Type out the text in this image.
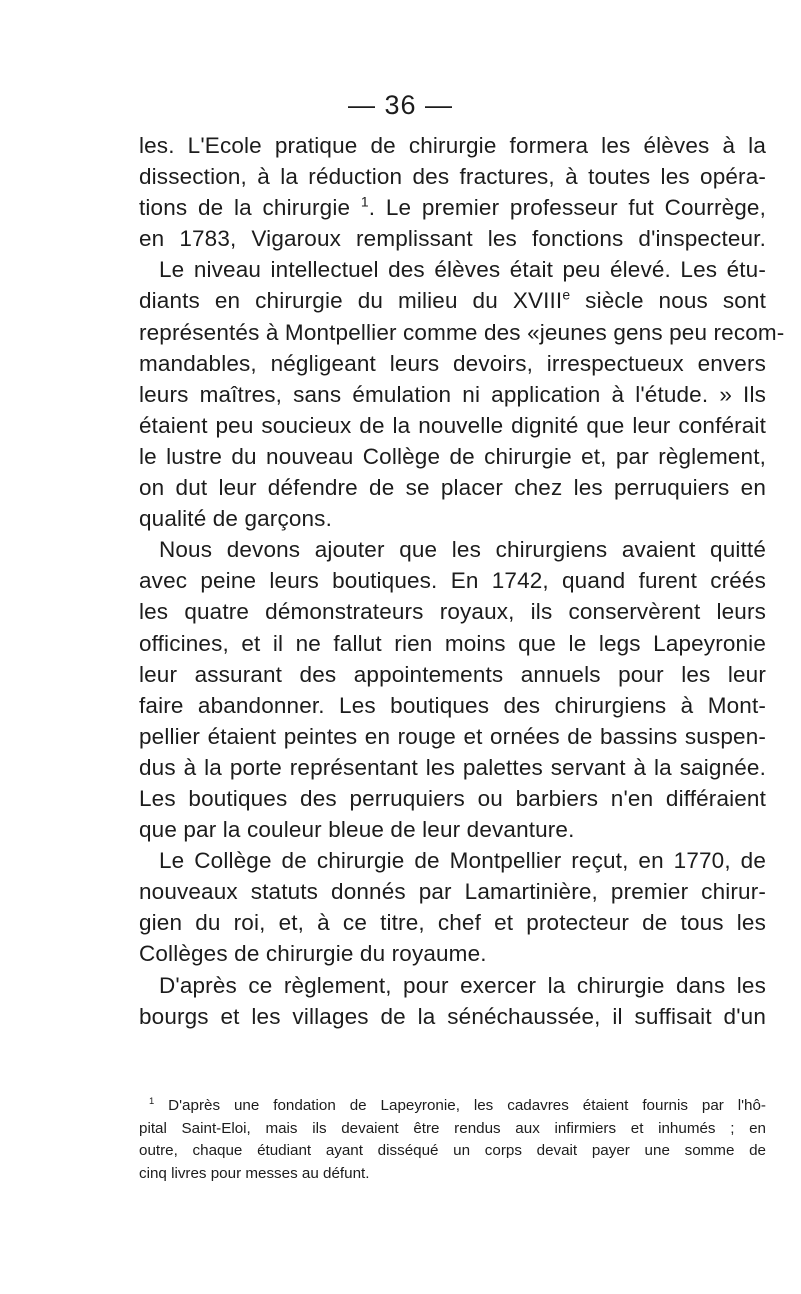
— 36 —
les. L'Ecole pratique de chirurgie formera les élèves à la
dissection, à la réduction des fractures, à toutes les opéra-
tions de la chirurgie $^1$. Le premier professeur fut Courrège,
en 1783, Vigaroux remplissant les fonctions d'inspecteur.
Le niveau intellectuel des élèves était peu élevé. Les étu-
diants en chirurgie du milieu du XVIIIe siècle nous sont
représentés à Montpellier comme des «jeunes gens peu recom-
mandables, négligeant leurs devoirs, irrespectueux envers
leurs maîtres, sans émulation ni application à l'étude. » Ils
étaient peu soucieux de la nouvelle dignité que leur conférait
le lustre du nouveau Collège de chirurgie et, par règlement,
on dut leur défendre de se placer chez les perruquiers en
qualité de garçons.
Nous devons ajouter que les chirurgiens avaient quitté
avec peine leurs boutiques. En 1742, quand furent créés
les quatre démonstrateurs royaux, ils conservèrent leurs
officines, et il ne fallut rien moins que le legs Lapeyronie
leur assurant des appointements annuels pour les leur
faire abandonner. Les boutiques des chirurgiens à Mont-
pellier étaient peintes en rouge et ornées de bassins suspen-
dus à la porte représentant les palettes servant à la saignée.
Les boutiques des perruquiers ou barbiers n'en différaient
que par la couleur bleue de leur devanture.
Le Collège de chirurgie de Montpellier reçut, en 1770, de
nouveaux statuts donnés par Lamartinière, premier chirur-
gien du roi, et, à ce titre, chef et protecteur de tous les
Collèges de chirurgie du royaume.
D'après ce règlement, pour exercer la chirurgie dans les
bourgs et les villages de la sénéchaussée, il suffisait d'un
$^1$ D'après une fondation de Lapeyronie, les cadavres étaient fournis par l'hô-
pital Saint-Eloi, mais ils devaient être rendus aux infirmiers et inhumés ; en
outre, chaque étudiant ayant disséqué un corps devait payer une somme de
cinq livres pour messes au défunt.
